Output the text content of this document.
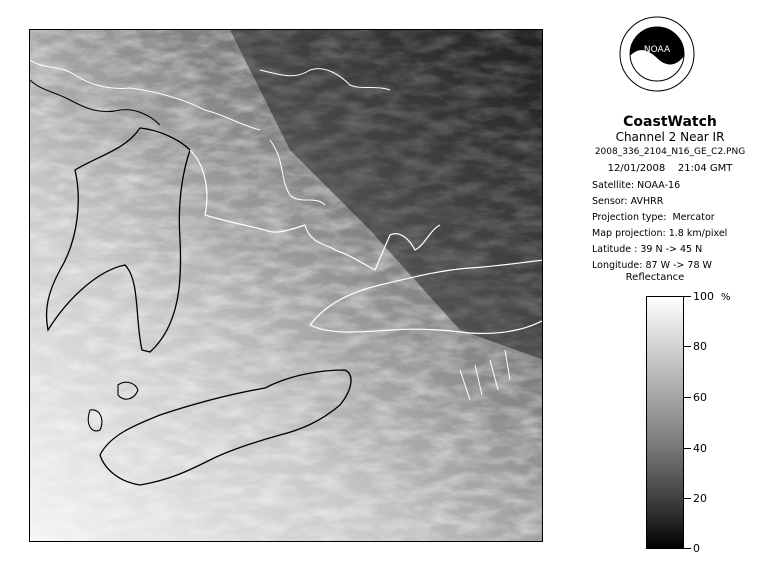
NOAA
CoastWatch
Channel 2 Near IR
2008_336_2104_N16_GE_C2.PNG
12/01/2008    21:04 GMT
Satellite: NOAA-16
Sensor: AVHRR
Projection type:  Mercator
Map projection: 1.8 km/pixel
Latitude : 39 N -> 45 N
Longitude: 87 W -> 78 W
Reflectance
%
100
80
60
40
20
0
